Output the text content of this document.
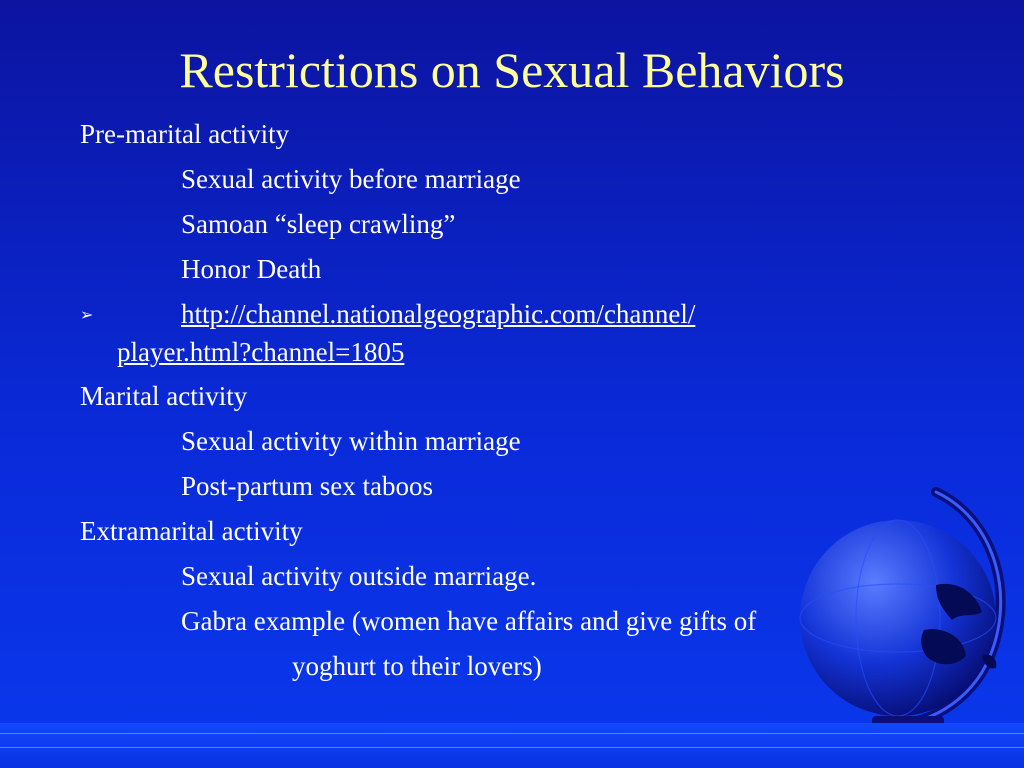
Restrictions on Sexual Behaviors
Pre-marital activity
Sexual activity before marriage
Samoan “sleep crawling”
Honor Death
➢	http://channel.nationalgeographic.com/channel/
player.html?channel=1805
Marital activity
Sexual activity within marriage
Post-partum sex taboos
Extramarital activity
Sexual activity outside marriage.
Gabra example (women have affairs and give gifts of
yoghurt to their lovers)
